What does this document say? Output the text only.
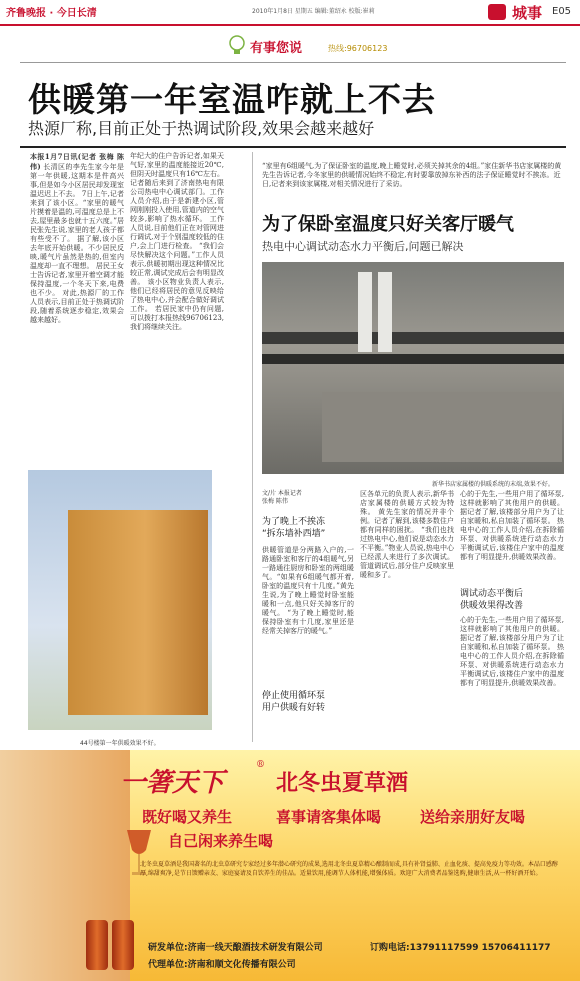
齐鲁晚报 · 今日长清	2010年1月8日 星期五 编辑:董绍永 校版:崔莉	城事 E05
有事您说	热线:96706123
供暖第一年室温咋就上不去
热源厂称,目前正处于热调试阶段,效果会越来越好
本报1月7日讯(记者 张梅 陈伟) 长清区的李先生家今年是第一年供暖,这期本是件高兴事,但是如今小区居民却发现室温迟迟上不去。 7日上午,记者来到了该小区。“家里的暖气片摸着是温的,可温度总是上不去,屋里最多也就十五六度。”居民张先生说,家里的老人孩子都有些受不了。 据了解,该小区去年底开始供暖。不少居民反映,暖气片虽然是热的,但室内温度却一直不理想。 居民王女士告诉记者,家里开着空调才能保持温度,一个冬天下来,电费也不少。 对此,热源厂的工作人员表示,目前正处于热调试阶段,随着系统逐步稳定,效果会越来越好。
年纪大的住户告诉记者,如果天气好,家里的温度能接近20℃,但阴天时温度只有16℃左右。 记者随后来到了济南热电有限公司热电中心调试部门。工作人员介绍,由于是新建小区,管网刚刚投入使用,管道内的空气较多,影响了热水循环。 工作人员说,目前他们正在对管网进行调试,对于个别温度较低的住户,会上门进行检查。 “我们会尽快解决这个问题。”工作人员表示,供暖初期出现这种情况比较正常,调试完成后会有明显改善。 该小区物业负责人表示,他们已经将居民的意见反映给了热电中心,并会配合做好调试工作。 若居民家中仍有问题,可以拨打本报热线96706123,我们将继续关注。
44号楼第一年供暖效果不好。
“家里有6组暖气,为了保证卧室的温度,晚上睡觉时,必须关掉其余的4组。”家住新华书店家属楼的黄先生告诉记者,今冬家里的供暖情况始终不稳定,有时要靠放掉东补西的法子保证睡觉时不挨冻。近日,记者来到该家属楼,对相关情况进行了采访。
为了保卧室温度只好关客厅暖气
热电中心调试动态水力平衡后,问题已解决
新华书店家属楼的供暖系统的末端,效果不好。
文/片 本报记者
张梅 陈伟
为了晚上不挨冻
“拆东墙补西墙”
供暖管道是分两路入户的,一路通卧室和客厅的4组暖气,另一路通往厨房和卧室的两组暖气。“如果有6组暖气都开着,卧室的温度只有十几度。”黄先生说,为了晚上睡觉时卧室能暖和一点,他只好关掉客厅的暖气。 “为了晚上睡觉时,能保持卧室有十几度,家里还是经常关掉客厅的暖气。”
停止使用循环泵
用户供暖有好转
区各单元的负责人表示,新华书店家属楼的供暖方式较为特殊。 黄先生家的情况并非个例。记者了解到,该楼多数住户都有同样的困扰。 “我们也找过热电中心,他们说是动态水力不平衡。”物业人员说,热电中心已经派人来进行了多次调试。 管道调试后,部分住户反映家里暖和多了。
心的于先生,一些用户用了循环泵,这样就影响了其他用户的供暖。 据记者了解,该楼部分用户为了让自家暖和,私自加装了循环泵。 热电中心的工作人员介绍,在拆除循环泵、对供暖系统进行动态水力平衡调试后,该楼住户家中的温度都有了明显提升,供暖效果改善。
调试动态平衡后
供暖效果得改善
心的于先生,一些用户用了循环泵,这样就影响了其他用户的供暖。 据记者了解,该楼部分用户为了让自家暖和,私自加装了循环泵。 热电中心的工作人员介绍,在拆除循环泵、对供暖系统进行动态水力平衡调试后,该楼住户家中的温度都有了明显提升,供暖效果改善。
一箸天下
®
北冬虫夏草酒
既好喝又养生	喜事请客集体喝	送给亲朋好友喝
自己闲来养生喝
北冬虫夏草酒是我国著名的北虫草研究专家经过多年潜心研究的成果,选用北冬虫夏草精心酿制而成,具有补肾益肺、止血化痰、提高免疫力等功效。本品口感醇厚,绵甜爽净,是节日馈赠亲友、家庭宴请及自饮养生的佳品。适量饮用,能调节人体机能,增强体质。欢迎广大消费者品鉴选购,健康生活,从一杯好酒开始。
研发单位:济南一线天酿酒技术研发有限公司	订购电话:13791117599 15706411177
代理单位:济南和顺文化传播有限公司
